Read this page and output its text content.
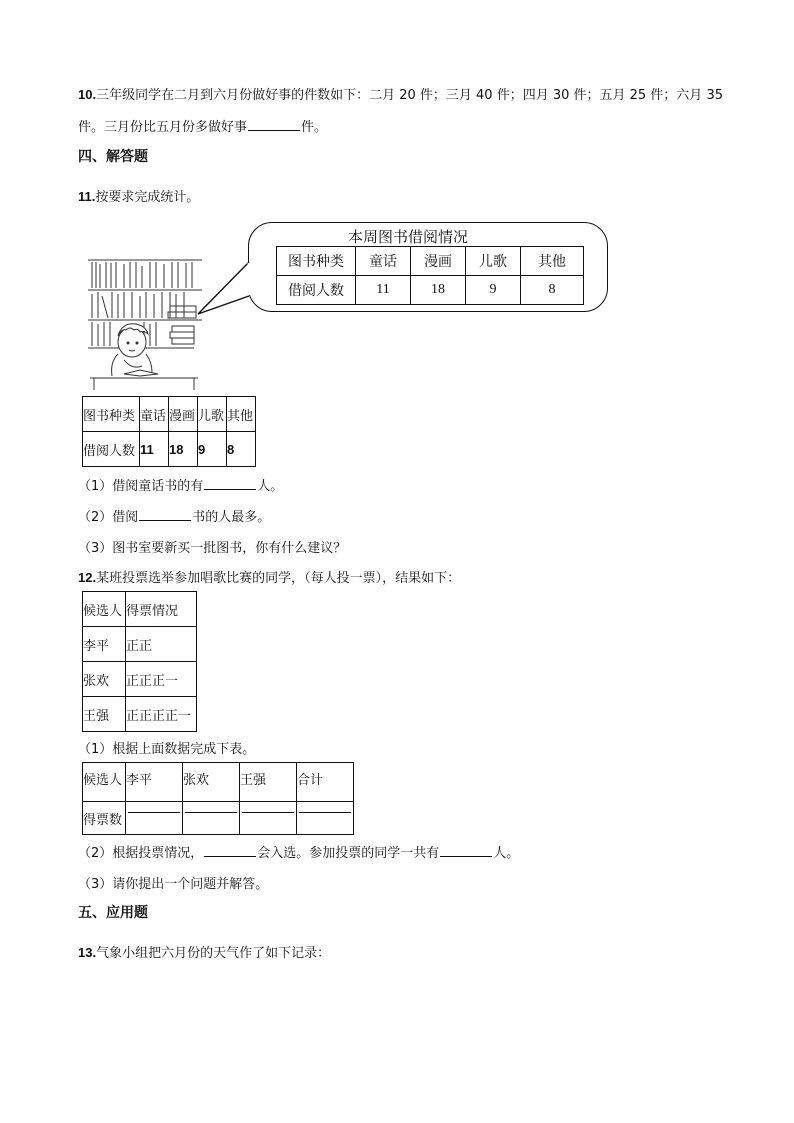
10.三年级同学在二月到六月份做好事的件数如下：二月 20 件；三月 40 件；四月 30 件；五月 25 件；六月 35
件。三月份比五月份多做好事	件。
四、解答题
11.按要求完成统计。
本周图书借阅情况
图书种类	童话	漫画	儿歌	其他
借阅人数	11	18	9	8
图书种类	童话	漫画	儿歌	其他
借阅人数	11	18	9	8
（1）借阅童话书的有	人。
（2）借阅	书的人最多。
（3）图书室要新买一批图书，你有什么建议？
12.某班投票选举参加唱歌比赛的同学，（每人投一票），结果如下：
候选人	得票情况
李平	正正
张欢	正正正一
王强	正正正正一
（1）根据上面数据完成下表。
候选人	李平	张欢	王强	合计
得票数	

（2）根据投票情况，	会入选。参加投票的同学一共有	人。
（3）请你提出一个问题并解答。
五、应用题
13.气象小组把六月份的天气作了如下记录：
